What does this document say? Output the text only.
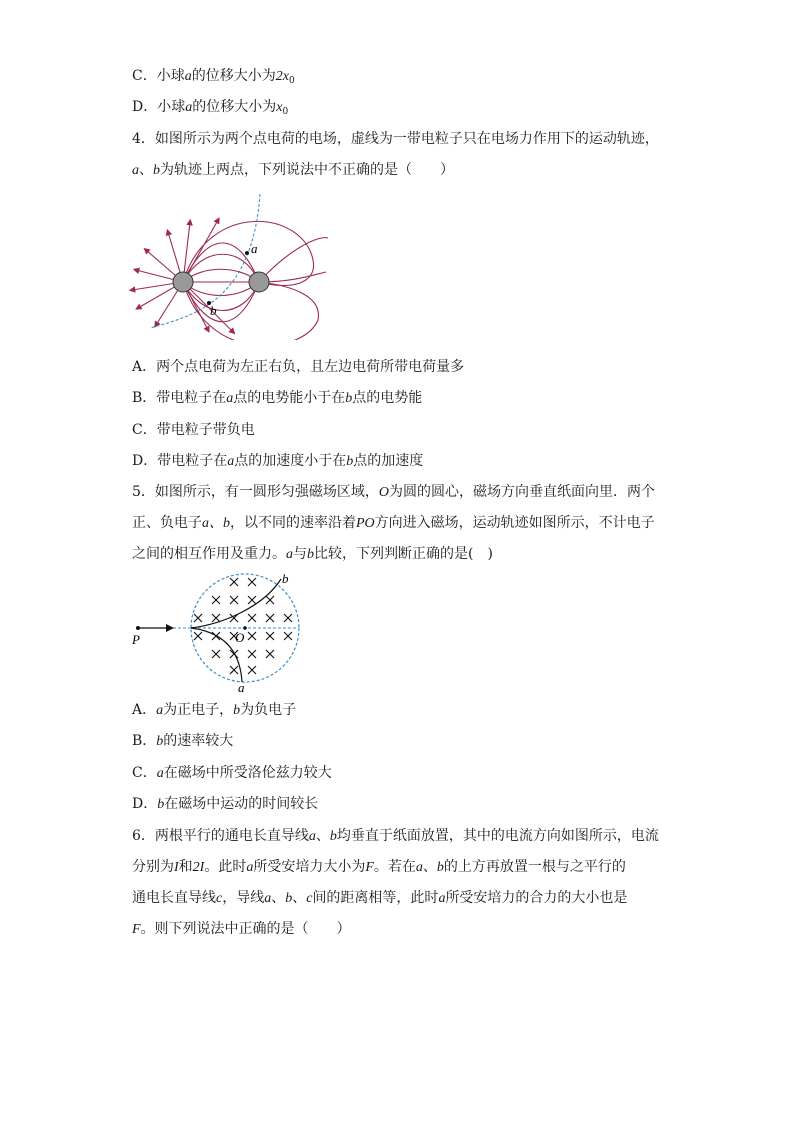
C．小球a的位移大小为$2x_0$
D．小球a的位移大小为$x_0$
4．如图所示为两个点电荷的电场，虚线为一带电粒子只在电场力作用下的运动轨迹，
a、b为轨迹上两点，下列说法中不正确的是（　　）
a
b
A．两个点电荷为左正右负，且左边电荷所带电荷量多
B．带电粒子在a点的电势能小于在b点的电势能
C．带电粒子带负电
D．带电粒子在a点的加速度小于在b点的加速度
5．如图所示，有一圆形匀强磁场区域，O为圆的圆心，磁场方向垂直纸面向里．两个
正、负电子a、b，以不同的速率沿着PO方向进入磁场，运动轨迹如图所示，不计电子
之间的相互作用及重力。a与b比较，下列判断正确的是(　)
P	O
b
a
A．a为正电子，b为负电子
B．b的速率较大
C．a在磁场中所受洛伦兹力较大
D．b在磁场中运动的时间较长
6．两根平行的通电长直导线a、b均垂直于纸面放置，其中的电流方向如图所示，电流
分别为I和2I。此时a所受安培力大小为F。若在a、b的上方再放置一根与之平行的
通电长直导线c，导线a、b、c间的距离相等，此时a所受安培力的合力的大小也是
F。则下列说法中正确的是（　　）
